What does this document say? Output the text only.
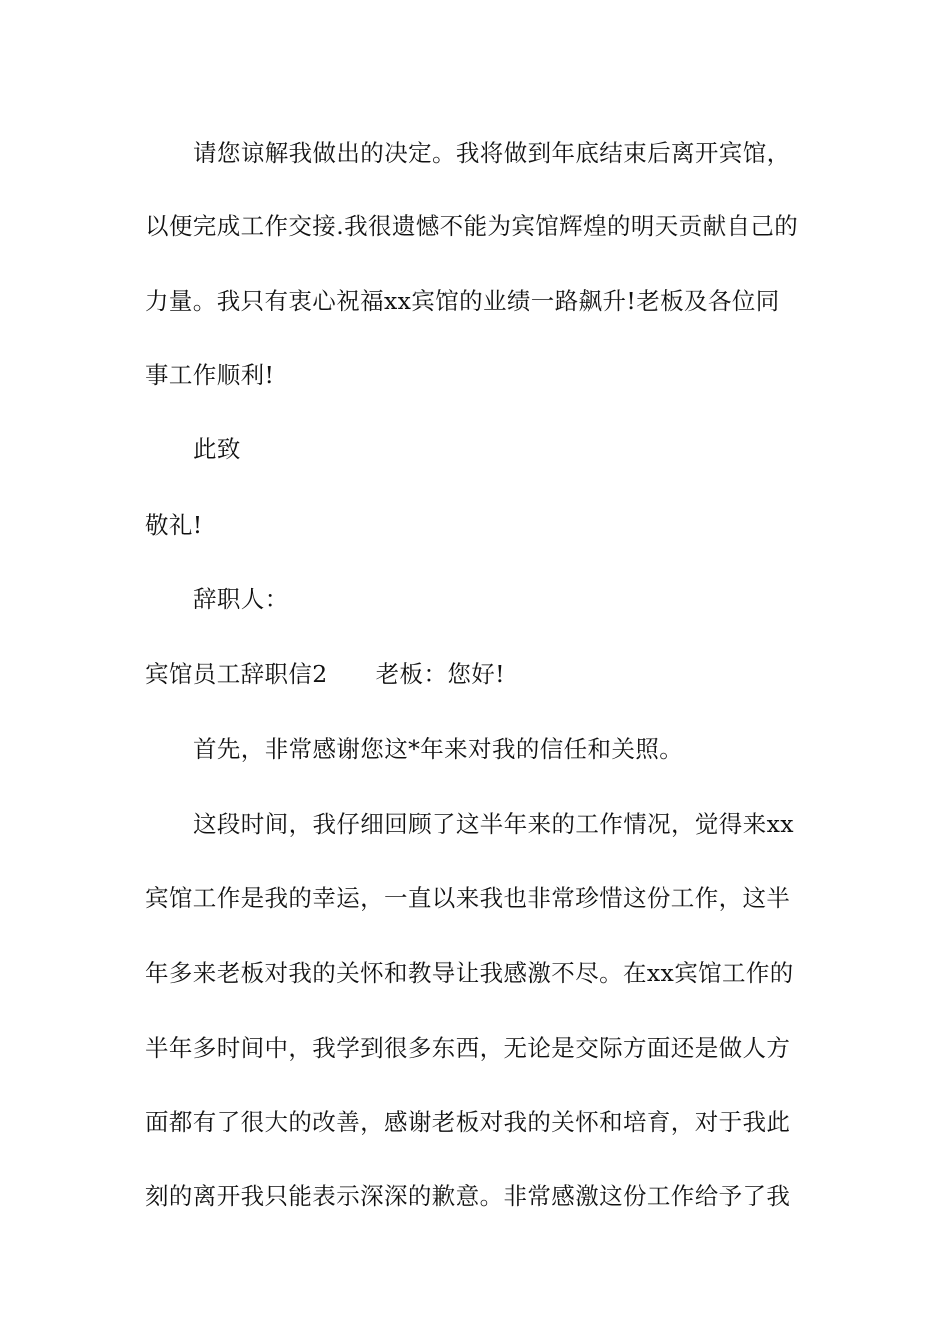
请您谅解我做出的决定。我将做到年底结束后离开宾馆，
以便完成工作交接.我很遗憾不能为宾馆辉煌的明天贡献自己的
力量。我只有衷心祝福xx宾馆的业绩一路飙升!老板及各位同
事工作顺利!
此致
敬礼!
辞职人：
宾馆员工辞职信2 老板：您好!
首先，非常感谢您这*年来对我的信任和关照。
这段时间，我仔细回顾了这半年来的工作情况，觉得来xx
宾馆工作是我的幸运，一直以来我也非常珍惜这份工作，这半
年多来老板对我的关怀和教导让我感激不尽。在xx宾馆工作的
半年多时间中，我学到很多东西，无论是交际方面还是做人方
面都有了很大的改善，感谢老板对我的关怀和培育，对于我此
刻的离开我只能表示深深的歉意。非常感激这份工作给予了我
